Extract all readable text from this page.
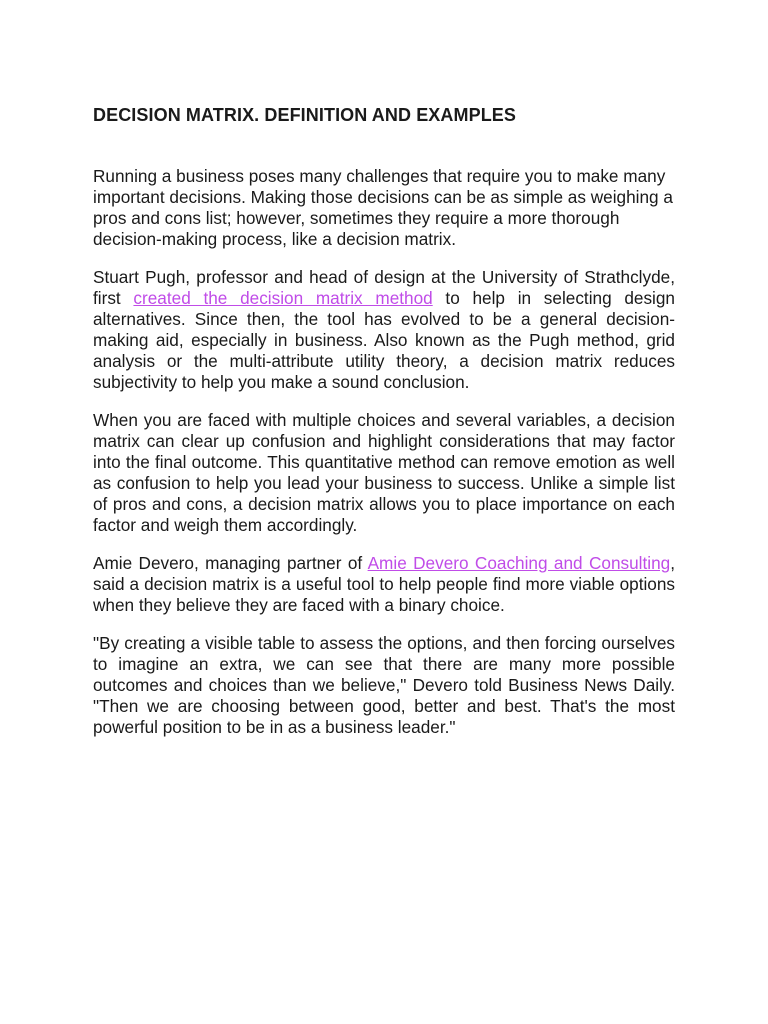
DECISION MATRIX. DEFINITION AND EXAMPLES

Running a business poses many challenges that require you to make many important decisions. Making those decisions can be as simple as weighing a pros and cons list; however, sometimes they require a more thorough decision-making process, like a decision matrix.

Stuart Pugh, professor and head of design at the University of Strathclyde, first created the decision matrix method to help in selecting design alternatives. Since then, the tool has evolved to be a general decision-making aid, especially in business. Also known as the Pugh method, grid analysis or the multi-attribute utility theory, a decision matrix reduces subjectivity to help you make a sound conclusion.

When you are faced with multiple choices and several variables, a decision matrix can clear up confusion and highlight considerations that may factor into the final outcome. This quantitative method can remove emotion as well as confusion to help you lead your business to success. Unlike a simple list of pros and cons, a decision matrix allows you to place importance on each factor and weigh them accordingly.

Amie Devero, managing partner of Amie Devero Coaching and Consulting, said a decision matrix is a useful tool to help people find more viable options when they believe they are faced with a binary choice.

"By creating a visible table to assess the options, and then forcing ourselves to imagine an extra, we can see that there are many more possible outcomes and choices than we believe," Devero told Business News Daily. "Then we are choosing between good, better and best. That's the most powerful position to be in as a business leader."
